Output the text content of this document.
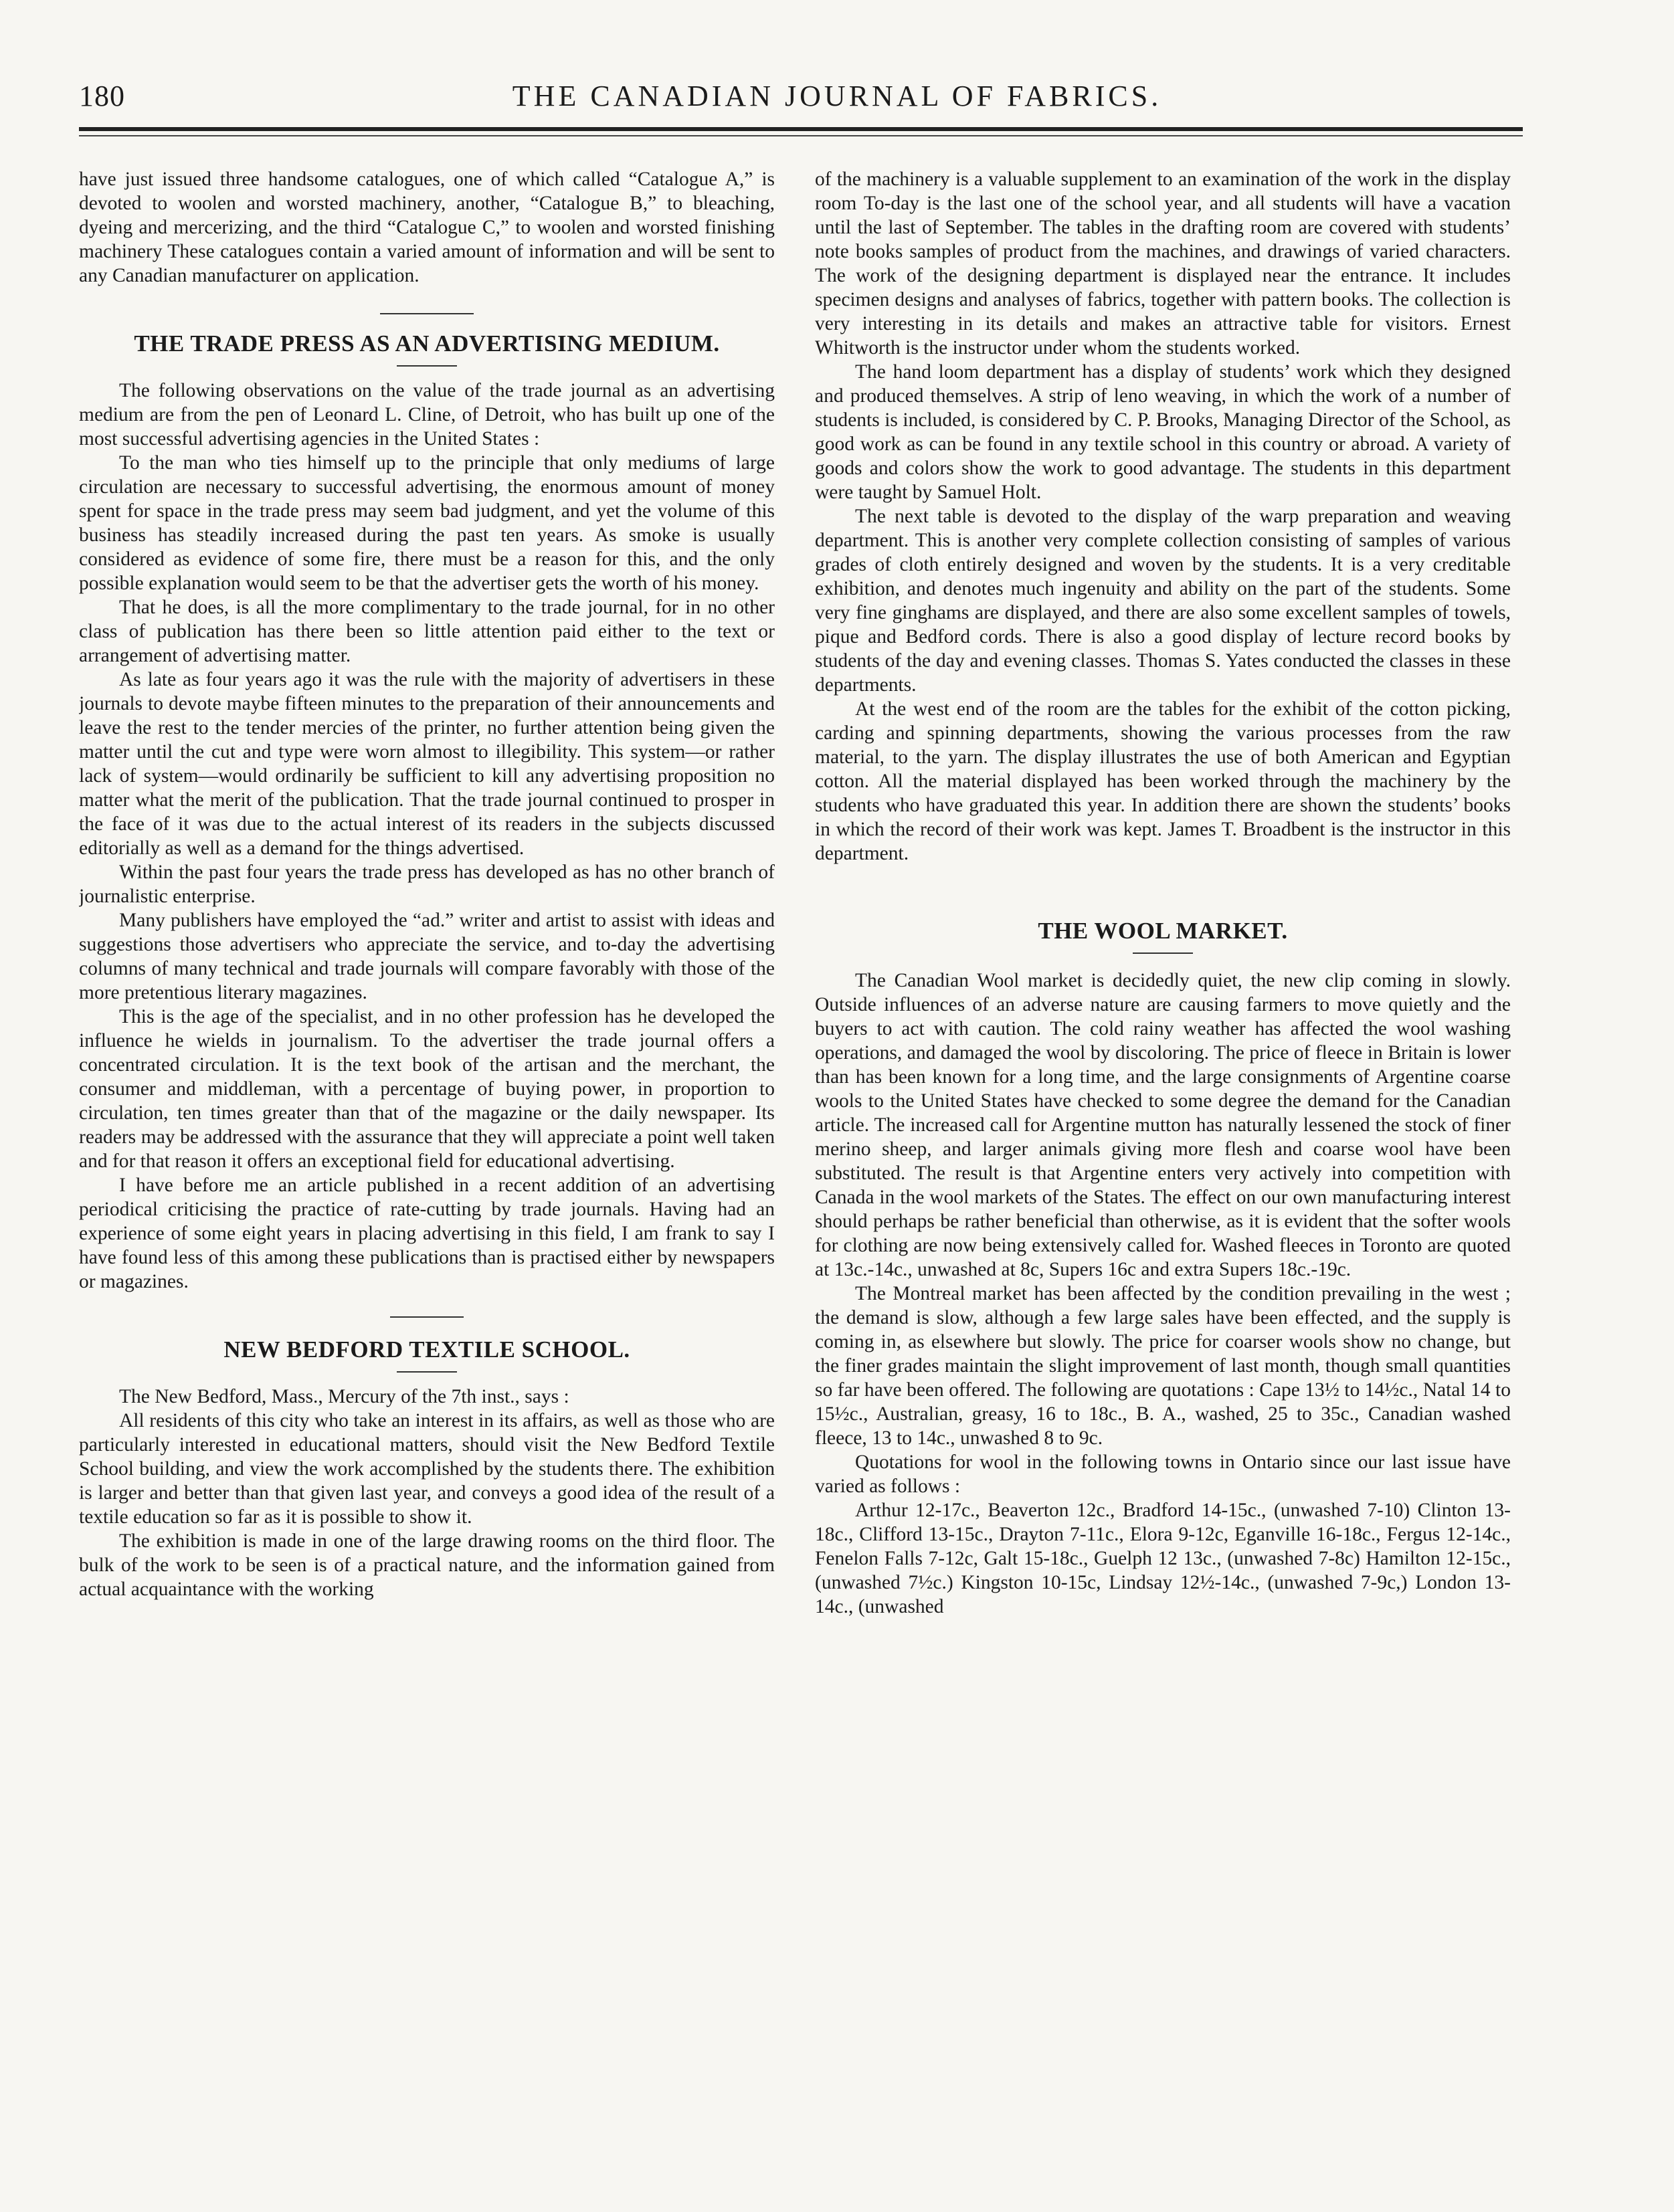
180	THE CANADIAN JOURNAL OF FABRICS.

have just issued three handsome catalogues, one of which called “Catalogue A,” is devoted to woolen and worsted machinery, another, “Catalogue B,” to bleaching, dyeing and mercerizing, and the third “Catalogue C,” to woolen and worsted finishing machinery These catalogues contain a varied amount of information and will be sent to any Canadian manufacturer on application.

THE TRADE PRESS AS AN ADVERTISING MEDIUM.

The following observations on the value of the trade journal as an advertising medium are from the pen of Leonard L. Cline, of Detroit, who has built up one of the most successful advertising agencies in the United States :

To the man who ties himself up to the principle that only mediums of large circulation are necessary to successful advertising, the enormous amount of money spent for space in the trade press may seem bad judgment, and yet the volume of this business has steadily increased during the past ten years. As smoke is usually considered as evidence of some fire, there must be a reason for this, and the only possible explanation would seem to be that the advertiser gets the worth of his money.

That he does, is all the more complimentary to the trade journal, for in no other class of publication has there been so little attention paid either to the text or arrangement of advertising matter.

As late as four years ago it was the rule with the majority of advertisers in these journals to devote maybe fifteen minutes to the preparation of their announcements and leave the rest to the tender mercies of the printer, no further attention being given the matter until the cut and type were worn almost to illegibility. This system—or rather lack of system—would ordinarily be sufficient to kill any advertising proposition no matter what the merit of the publication. That the trade journal continued to prosper in the face of it was due to the actual interest of its readers in the subjects discussed editorially as well as a demand for the things advertised.

Within the past four years the trade press has developed as has no other branch of journalistic enterprise.

Many publishers have employed the “ad.” writer and artist to assist with ideas and suggestions those advertisers who appreciate the service, and to-day the advertising columns of many technical and trade journals will compare favorably with those of the more pretentious literary magazines.

This is the age of the specialist, and in no other profession has he developed the influence he wields in journalism. To the advertiser the trade journal offers a concentrated circulation. It is the text book of the artisan and the merchant, the consumer and middleman, with a percentage of buying power, in proportion to circulation, ten times greater than that of the magazine or the daily newspaper. Its readers may be addressed with the assurance that they will appreciate a point well taken and for that reason it offers an exceptional field for educational advertising.

I have before me an article published in a recent addition of an advertising periodical criticising the practice of rate-cutting by trade journals. Having had an experience of some eight years in placing advertising in this field, I am frank to say I have found less of this among these publications than is practised either by newspapers or magazines.

NEW BEDFORD TEXTILE SCHOOL.

The New Bedford, Mass., Mercury of the 7th inst., says :

All residents of this city who take an interest in its affairs, as well as those who are particularly interested in educational matters, should visit the New Bedford Textile School building, and view the work accomplished by the students there. The exhibition is larger and better than that given last year, and conveys a good idea of the result of a textile education so far as it is possible to show it.

The exhibition is made in one of the large drawing rooms on the third floor. The bulk of the work to be seen is of a practical nature, and the information gained from actual acquaintance with the working

of the machinery is a valuable supplement to an examination of the work in the display room To-day is the last one of the school year, and all students will have a vacation until the last of September. The tables in the drafting room are covered with students’ note books samples of product from the machines, and drawings of varied characters. The work of the designing department is displayed near the entrance. It includes specimen designs and analyses of fabrics, together with pattern books. The collection is very interesting in its details and makes an attractive table for visitors. Ernest Whitworth is the instructor under whom the students worked.

The hand loom department has a display of students’ work which they designed and produced themselves. A strip of leno weaving, in which the work of a number of students is included, is considered by C. P. Brooks, Managing Director of the School, as good work as can be found in any textile school in this country or abroad. A variety of goods and colors show the work to good advantage. The students in this department were taught by Samuel Holt.

The next table is devoted to the display of the warp preparation and weaving department. This is another very complete collection consisting of samples of various grades of cloth entirely designed and woven by the students. It is a very creditable exhibition, and denotes much ingenuity and ability on the part of the students. Some very fine ginghams are displayed, and there are also some excellent samples of towels, pique and Bedford cords. There is also a good display of lecture record books by students of the day and evening classes. Thomas S. Yates conducted the classes in these departments.

At the west end of the room are the tables for the exhibit of the cotton picking, carding and spinning departments, showing the various processes from the raw material, to the yarn. The display illustrates the use of both American and Egyptian cotton. All the material displayed has been worked through the machinery by the students who have graduated this year. In addition there are shown the students’ books in which the record of their work was kept. James T. Broadbent is the instructor in this department.

THE WOOL MARKET.

The Canadian Wool market is decidedly quiet, the new clip coming in slowly. Outside influences of an adverse nature are causing farmers to move quietly and the buyers to act with caution. The cold rainy weather has affected the wool washing operations, and damaged the wool by discoloring. The price of fleece in Britain is lower than has been known for a long time, and the large consignments of Argentine coarse wools to the United States have checked to some degree the demand for the Canadian article. The increased call for Argentine mutton has naturally lessened the stock of finer merino sheep, and larger animals giving more flesh and coarse wool have been substituted. The result is that Argentine enters very actively into competition with Canada in the wool markets of the States. The effect on our own manufacturing interest should perhaps be rather beneficial than otherwise, as it is evident that the softer wools for clothing are now being extensively called for. Washed fleeces in Toronto are quoted at 13c.-14c., unwashed at 8c, Supers 16c and extra Supers 18c.-19c.

The Montreal market has been affected by the condition prevailing in the west ; the demand is slow, although a few large sales have been effected, and the supply is coming in, as elsewhere but slowly. The price for coarser wools show no change, but the finer grades maintain the slight improvement of last month, though small quantities so far have been offered. The following are quotations : Cape 13½ to 14½c., Natal 14 to 15½c., Australian, greasy, 16 to 18c., B. A., washed, 25 to 35c., Canadian washed fleece, 13 to 14c., unwashed 8 to 9c.

Quotations for wool in the following towns in Ontario since our last issue have varied as follows :

Arthur 12-17c., Beaverton 12c., Bradford 14-15c., (unwashed 7-10) Clinton 13-18c., Clifford 13-15c., Drayton 7-11c., Elora 9-12c, Eganville 16-18c., Fergus 12-14c., Fenelon Falls 7-12c, Galt 15-18c., Guelph 12 13c., (unwashed 7-8c) Hamilton 12-15c., (unwashed 7½c.) Kingston 10-15c, Lindsay 12½-14c., (unwashed 7-9c,) London 13-14c., (unwashed
